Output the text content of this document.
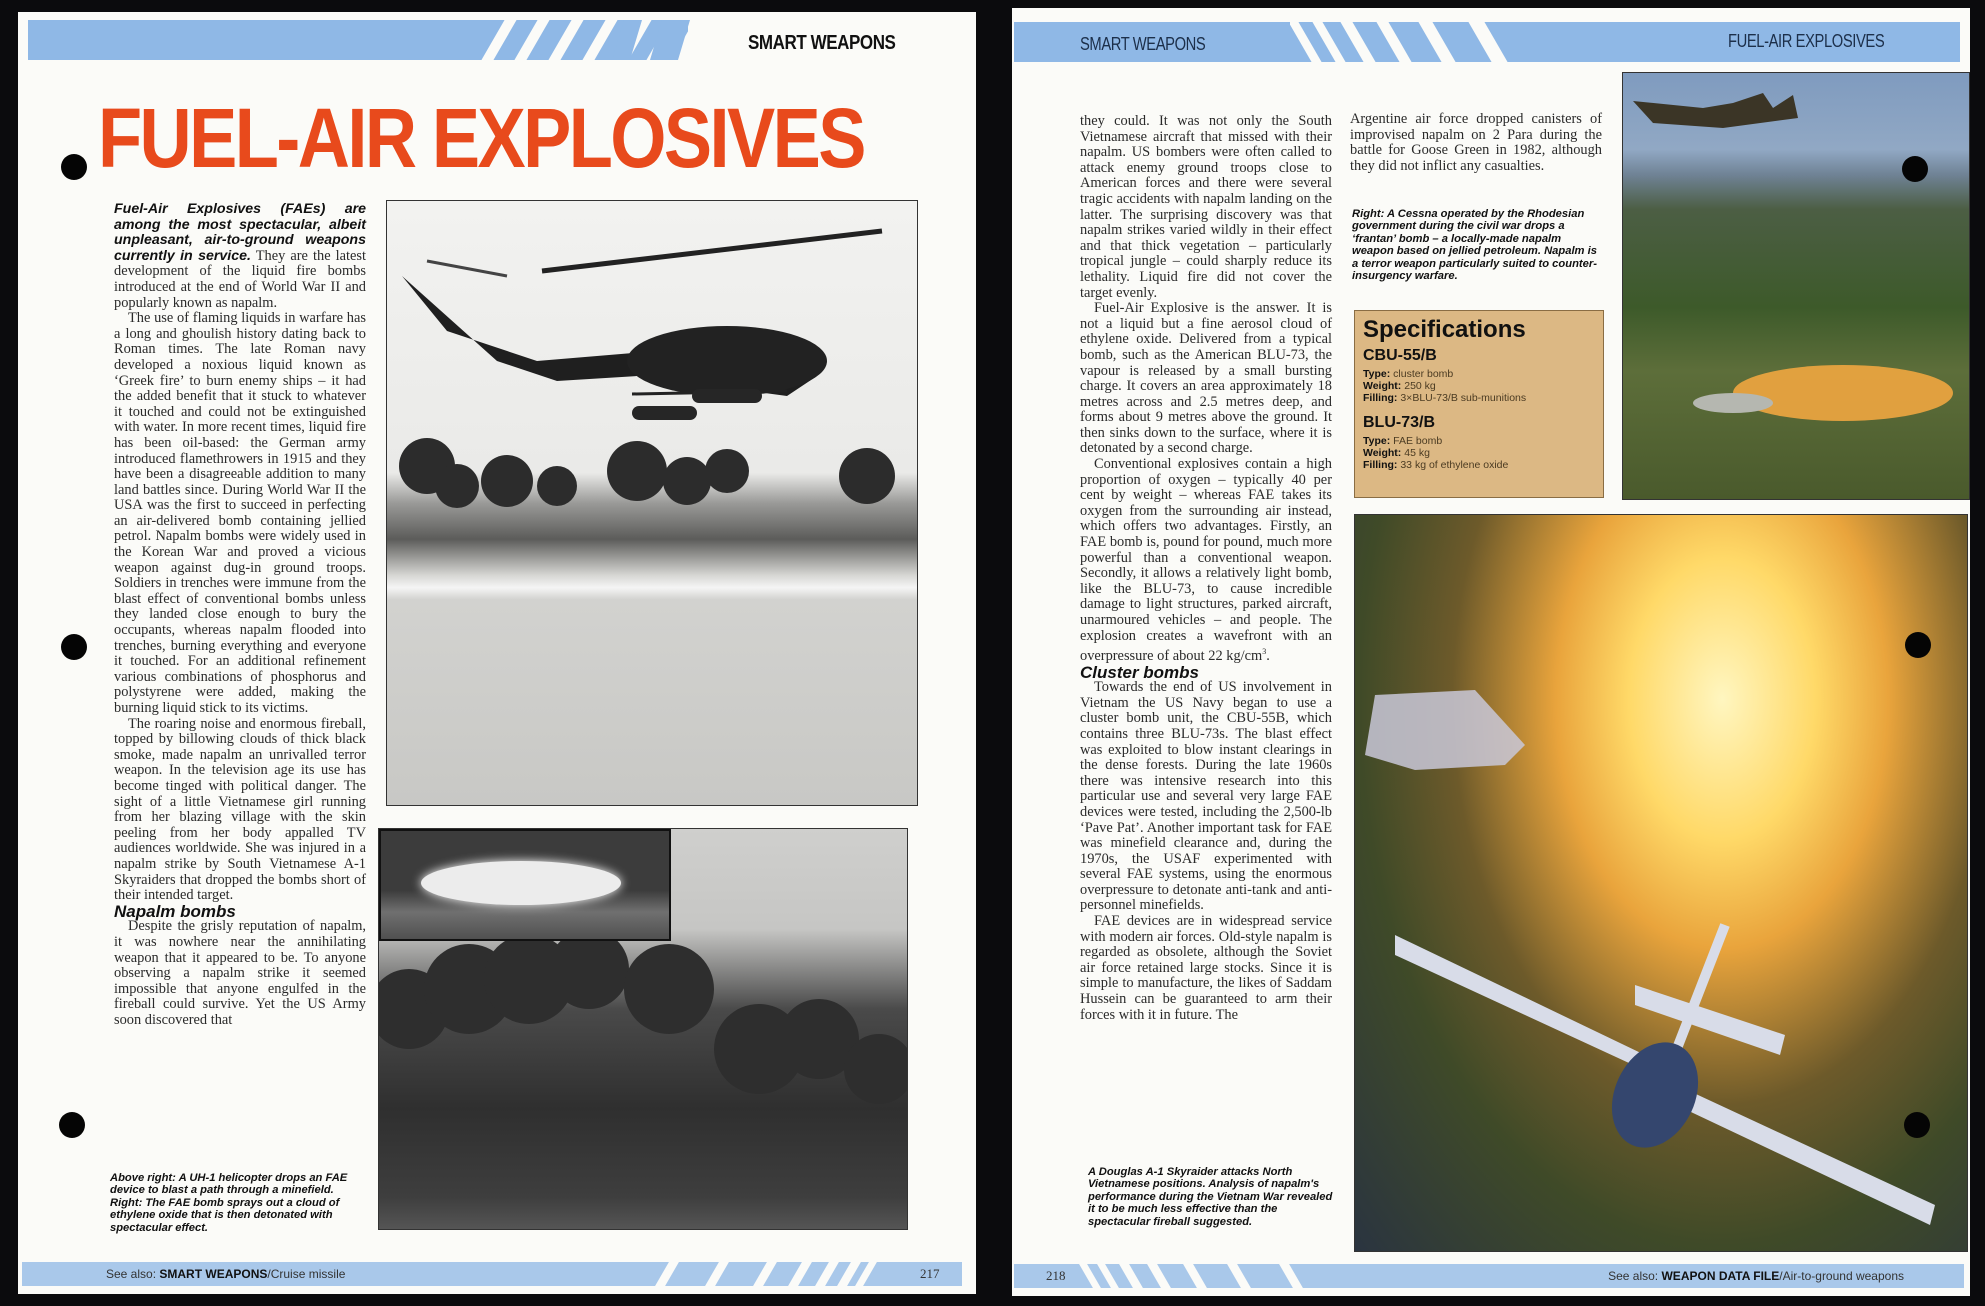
SMART WEAPONS
FUEL-AIR EXPLOSIVES

Fuel-Air Explosives (FAEs) are among the most spectacular, albeit unpleasant, air-to-ground weapons currently in service. They are the latest development of the liquid fire bombs introduced at the end of World War II and popularly known as napalm.

The use of flaming liquids in warfare has a long and ghoulish history dating back to Roman times. The late Roman navy developed a noxious liquid known as ‘Greek fire’ to burn enemy ships – it had the added benefit that it stuck to whatever it touched and could not be extinguished with water. In more recent times, liquid fire has been oil-based: the German army introduced flamethrowers in 1915 and they have been a disagreeable addition to many land battles since. During World War II the USA was the first to succeed in perfecting an air-delivered bomb containing jellied petrol. Napalm bombs were widely used in the Korean War and proved a vicious weapon against dug-in ground troops. Soldiers in trenches were immune from the blast effect of conventional bombs unless they landed close enough to bury the occupants, whereas napalm flooded into trenches, burning everything and everyone it touched. For an additional refinement various combinations of phosphorus and polystyrene were added, making the burning liquid stick to its victims.

The roaring noise and enormous fireball, topped by billowing clouds of thick black smoke, made napalm an unrivalled terror weapon. In the television age its use has become tinged with political danger. The sight of a little Vietnamese girl running from her blazing village with the skin peeling from her body appalled TV audiences worldwide. She was injured in a napalm strike by South Vietnamese A-1 Skyraiders that dropped the bombs short of their intended target.

Napalm bombs

Despite the grisly reputation of napalm, it was nowhere near the annihilating weapon that it appeared to be. To anyone observing a napalm strike it seemed impossible that anyone engulfed in the fireball could survive. Yet the US Army soon discovered that

Above right: A UH-1 helicopter drops an FAE device to blast a path through a minefield. Right: The FAE bomb sprays out a cloud of ethylene oxide that is then detonated with spectacular effect.
See also: SMART WEAPONS/Cruise missile	217
SMART WEAPONS	FUEL-AIR EXPLOSIVES

they could. It was not only the South Vietnamese aircraft that missed with their napalm. US bombers were often called to attack enemy ground troops close to American forces and there were several tragic accidents with napalm landing on the latter. The surprising discovery was that napalm strikes varied wildly in their effect and that thick vegetation – particularly tropical jungle – could sharply reduce its lethality. Liquid fire did not cover the target evenly.

Fuel-Air Explosive is the answer. It is not a liquid but a fine aerosol cloud of ethylene oxide. Delivered from a typical bomb, such as the American BLU-73, the vapour is released by a small bursting charge. It covers an area approximately 18 metres across and 2.5 metres deep, and forms about 9 metres above the ground. It then sinks down to the surface, where it is detonated by a second charge.

Conventional explosives contain a high proportion of oxygen – typically 40 per cent by weight – whereas FAE takes its oxygen from the surrounding air instead, which offers two advantages. Firstly, an FAE bomb is, pound for pound, much more powerful than a conventional weapon. Secondly, it allows a relatively light bomb, like the BLU-73, to cause incredible damage to light structures, parked aircraft, unarmoured vehicles – and people. The explosion creates a wavefront with an overpressure of about 22 $kg/cm^3$.

Cluster bombs

Towards the end of US involvement in Vietnam the US Navy began to use a cluster bomb unit, the CBU-55B, which contains three BLU-73s. The blast effect was exploited to blow instant clearings in the dense forests. During the late 1960s there was intensive research into this particular use and several very large FAE devices were tested, including the 2,500-lb ‘Pave Pat’. Another important task for FAE was minefield clearance and, during the 1970s, the USAF experimented with several FAE systems, using the enormous overpressure to detonate anti-tank and anti-personnel minefields.

FAE devices are in widespread service with modern air forces. Old-style napalm is regarded as obsolete, although the Soviet air force retained large stocks. Since it is simple to manufacture, the likes of Saddam Hussein can be guaranteed to arm their forces with it in future. The

A Douglas A-1 Skyraider attacks North Vietnamese positions. Analysis of napalm's performance during the Vietnam War revealed it to be much less effective than the spectacular fireball suggested.

Argentine air force dropped canisters of improvised napalm on 2 Para during the battle for Goose Green in 1982, although they did not inflict any casualties.

Right: A Cessna operated by the Rhodesian government during the civil war drops a ‘frantan’ bomb – a locally-made napalm weapon based on jellied petroleum. Napalm is a terror weapon particularly suited to counter-insurgency warfare.
Specifications
CBU-55/B
Type: cluster bomb
Weight: 250 kg
Filling: 3×BLU-73/B sub-munitions
BLU-73/B
Type: FAE bomb
Weight: 45 kg
Filling: 33 kg of ethylene oxide
218	See also: WEAPON DATA FILE/Air-to-ground weapons
